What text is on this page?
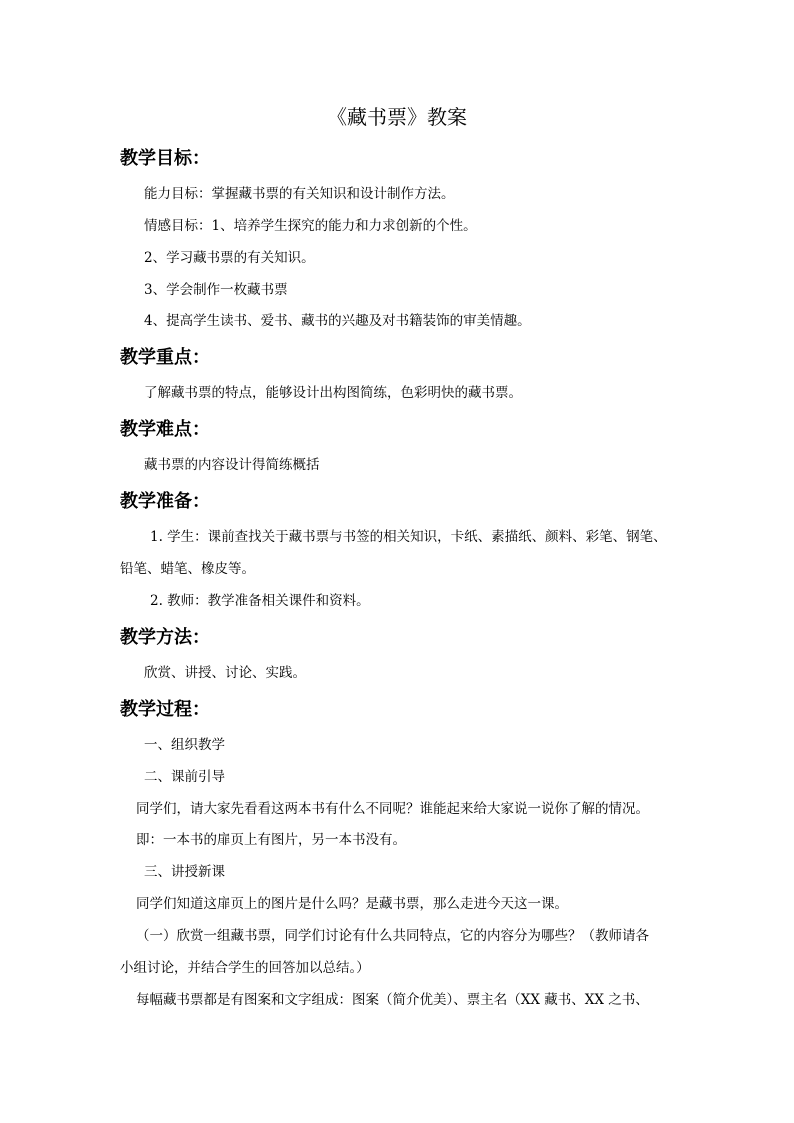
《藏书票》教案
教学目标：
能力目标：掌握藏书票的有关知识和设计制作方法。
情感目标：1、培养学生探究的能力和力求创新的个性。
2、学习藏书票的有关知识。
3、学会制作一枚藏书票
4、提高学生读书、爱书、藏书的兴趣及对书籍装饰的审美情趣。
教学重点：
了解藏书票的特点，能够设计出构图简练，色彩明快的藏书票。
教学难点：
藏书票的内容设计得简练概括
教学准备：
1. 学生：课前查找关于藏书票与书签的相关知识，卡纸、素描纸、颜料、彩笔、钢笔、
铅笔、蜡笔、橡皮等。
2. 教师：教学准备相关课件和资料。
教学方法：
欣赏、讲授、讨论、实践。
教学过程：
一、组织教学
二、课前引导
同学们，请大家先看看这两本书有什么不同呢？谁能起来给大家说一说你了解的情况。
即：一本书的扉页上有图片，另一本书没有。
三、讲授新课
同学们知道这扉页上的图片是什么吗？是藏书票，那么走进今天这一课。
（一）欣赏一组藏书票，同学们讨论有什么共同特点，它的内容分为哪些？（教师请各
小组讨论，并结合学生的回答加以总结。）
每幅藏书票都是有图案和文字组成：图案（简介优美）、票主名（XX 藏书、XX 之书、
